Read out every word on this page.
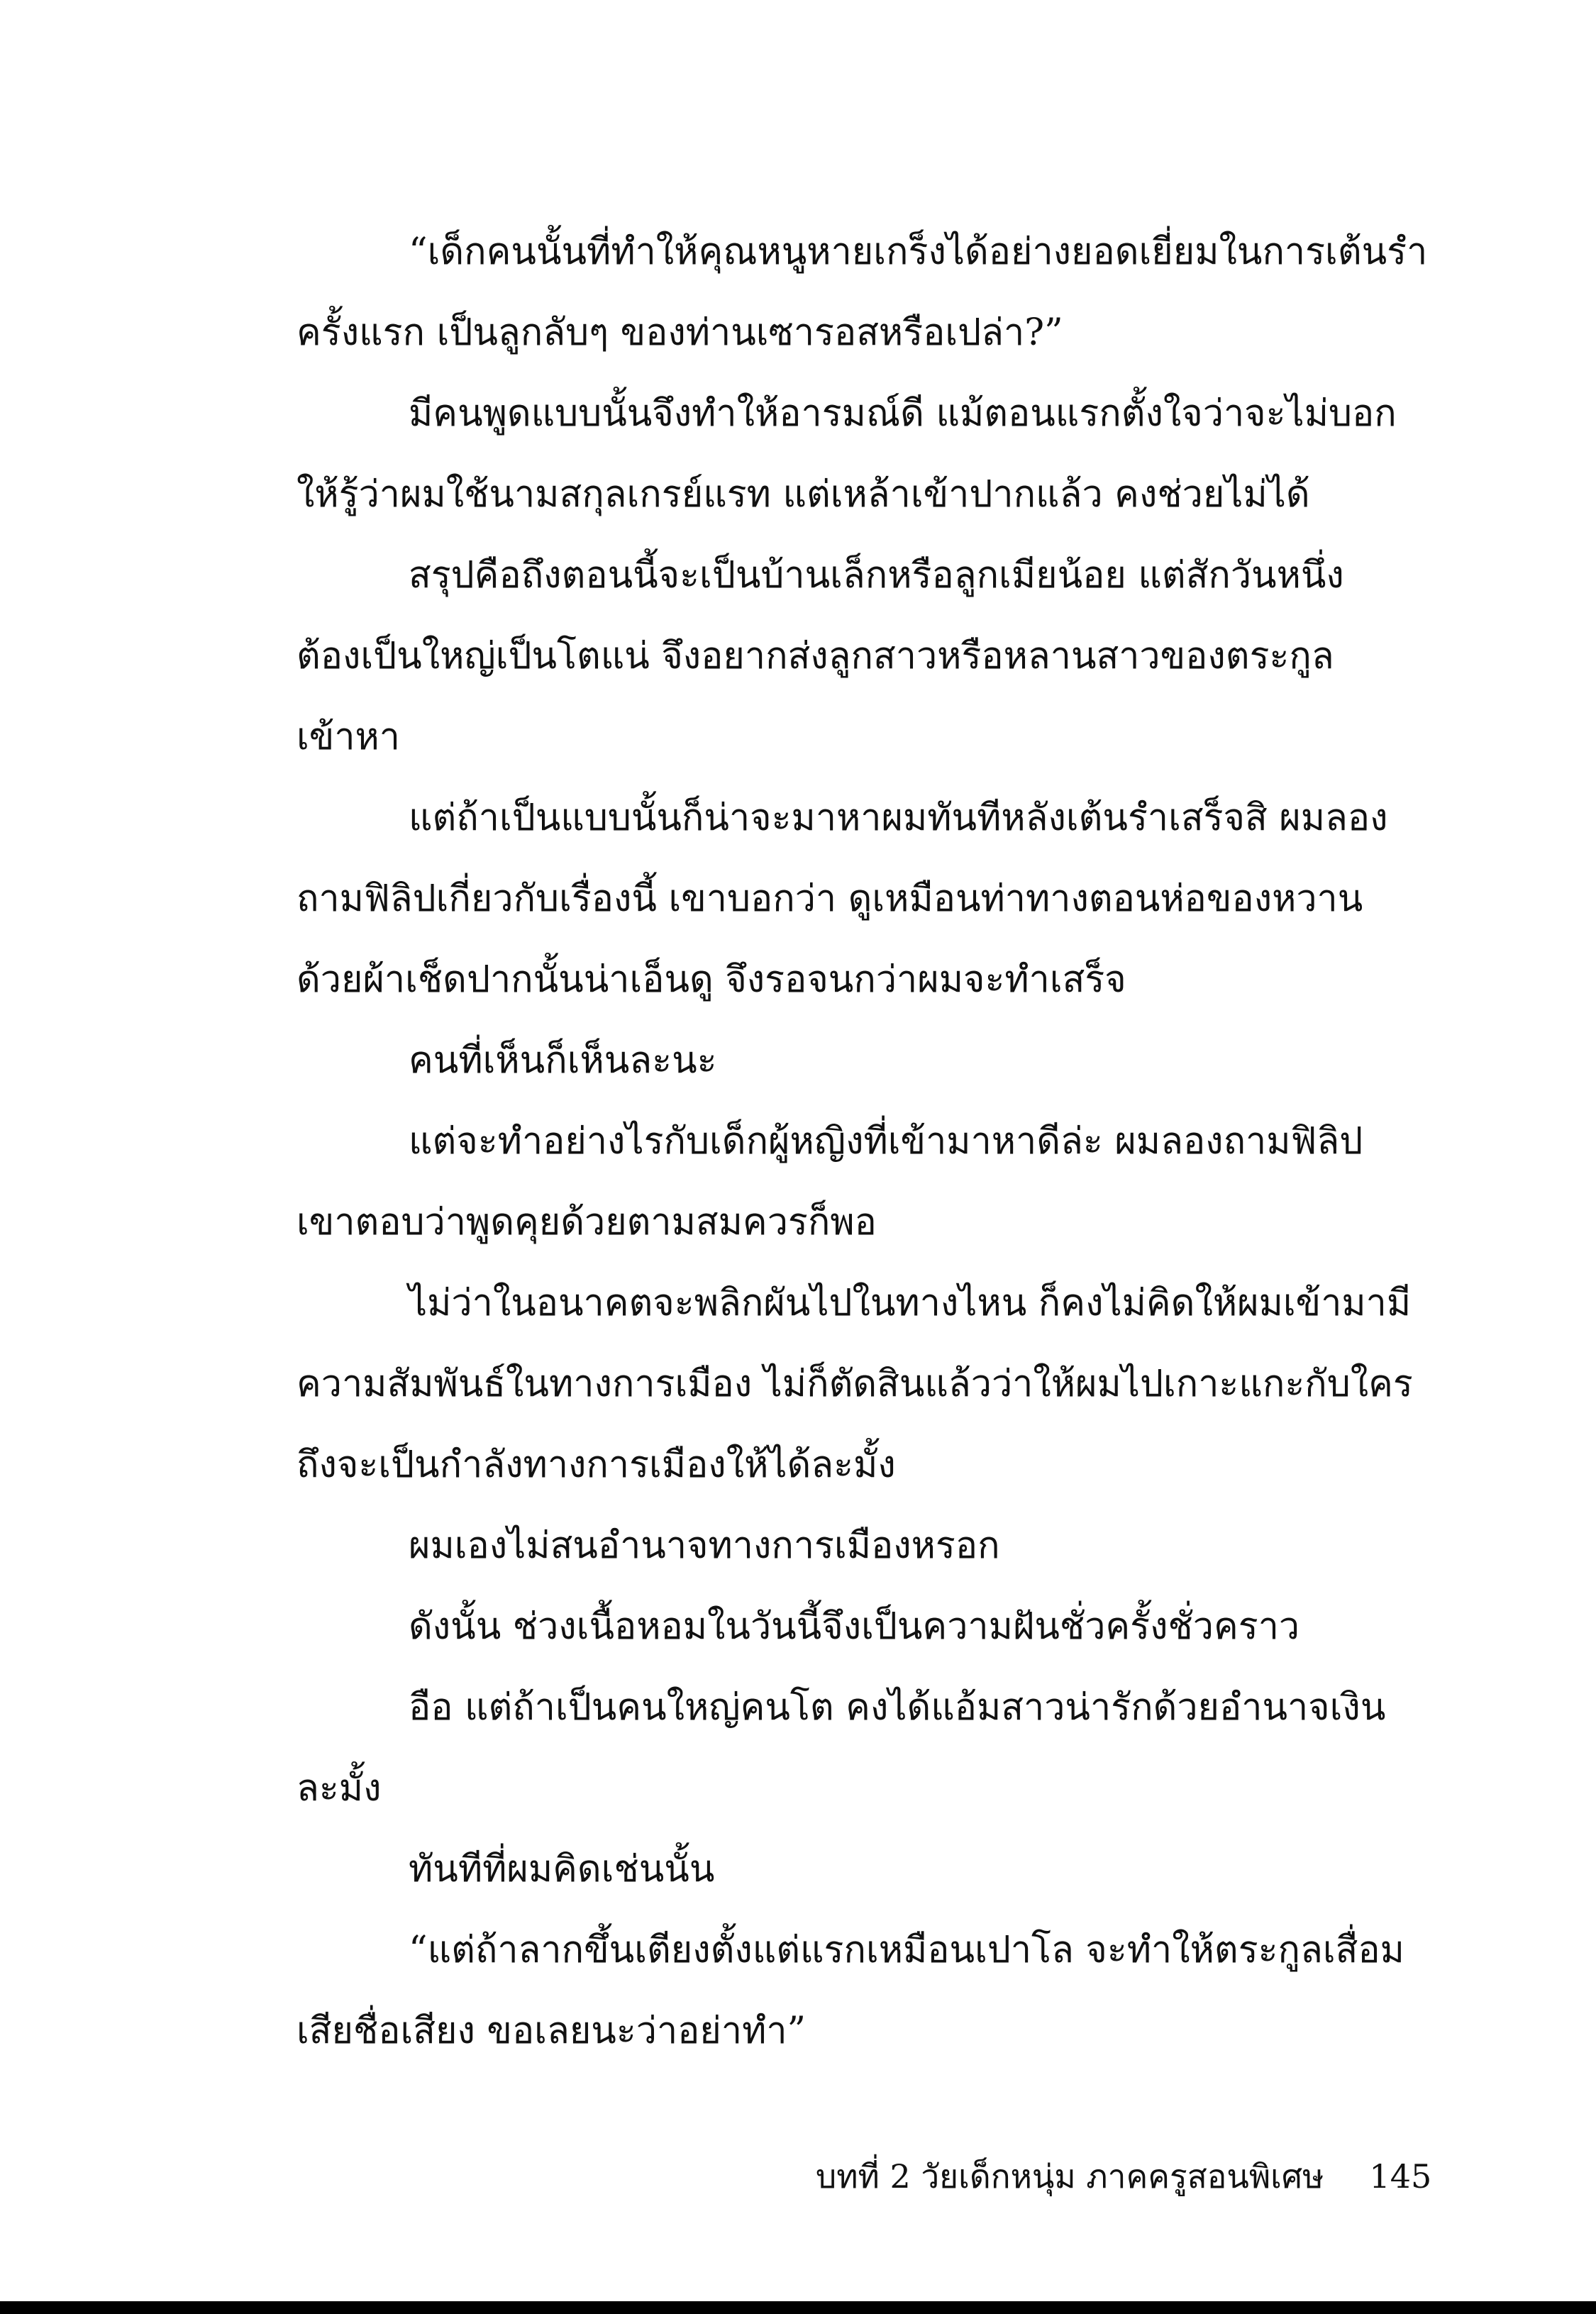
“เด็กคนนั้นที่ทำให้คุณหนูหายเกร็งได้อย่างยอดเยี่ยมในการเต้นรำ
ครั้งแรก เป็นลูกลับๆ ของท่านเซารอสหรือเปล่า?”
มีคนพูดแบบนั้นจึงทำให้อารมณ์ดี แม้ตอนแรกตั้งใจว่าจะไม่บอก
ให้รู้ว่าผมใช้นามสกุลเกรย์แรท แต่เหล้าเข้าปากแล้ว คงช่วยไม่ได้
สรุปคือถึงตอนนี้จะเป็นบ้านเล็กหรือลูกเมียน้อย แต่สักวันหนึ่ง
ต้องเป็นใหญ่เป็นโตแน่ จึงอยากส่งลูกสาวหรือหลานสาวของตระกูล
เข้าหา
แต่ถ้าเป็นแบบนั้นก็น่าจะมาหาผมทันทีหลังเต้นรำเสร็จสิ ผมลอง
ถามฟิลิปเกี่ยวกับเรื่องนี้ เขาบอกว่า ดูเหมือนท่าทางตอนห่อของหวาน
ด้วยผ้าเช็ดปากนั้นน่าเอ็นดู จึงรอจนกว่าผมจะทำเสร็จ
คนที่เห็นก็เห็นละนะ
แต่จะทำอย่างไรกับเด็กผู้หญิงที่เข้ามาหาดีล่ะ ผมลองถามฟิลิป
เขาตอบว่าพูดคุยด้วยตามสมควรก็พอ
ไม่ว่าในอนาคตจะพลิกผันไปในทางไหน ก็คงไม่คิดให้ผมเข้ามามี
ความสัมพันธ์ในทางการเมือง ไม่ก็ตัดสินแล้วว่าให้ผมไปเกาะแกะกับใคร
ถึงจะเป็นกำลังทางการเมืองให้ได้ละมั้ง
ผมเองไม่สนอำนาจทางการเมืองหรอก
ดังนั้น ช่วงเนื้อหอมในวันนี้จึงเป็นความฝันชั่วครั้งชั่วคราว
อือ แต่ถ้าเป็นคนใหญ่คนโต คงได้แอ้มสาวน่ารักด้วยอำนาจเงิน
ละมั้ง
ทันทีที่ผมคิดเช่นนั้น
“แต่ถ้าลากขึ้นเตียงตั้งแต่แรกเหมือนเปาโล จะทำให้ตระกูลเสื่อม
เสียชื่อเสียง ขอเลยนะว่าอย่าทำ”
บทที่ 2 วัยเด็กหนุ่ม ภาคครูสอนพิเศษ 145
